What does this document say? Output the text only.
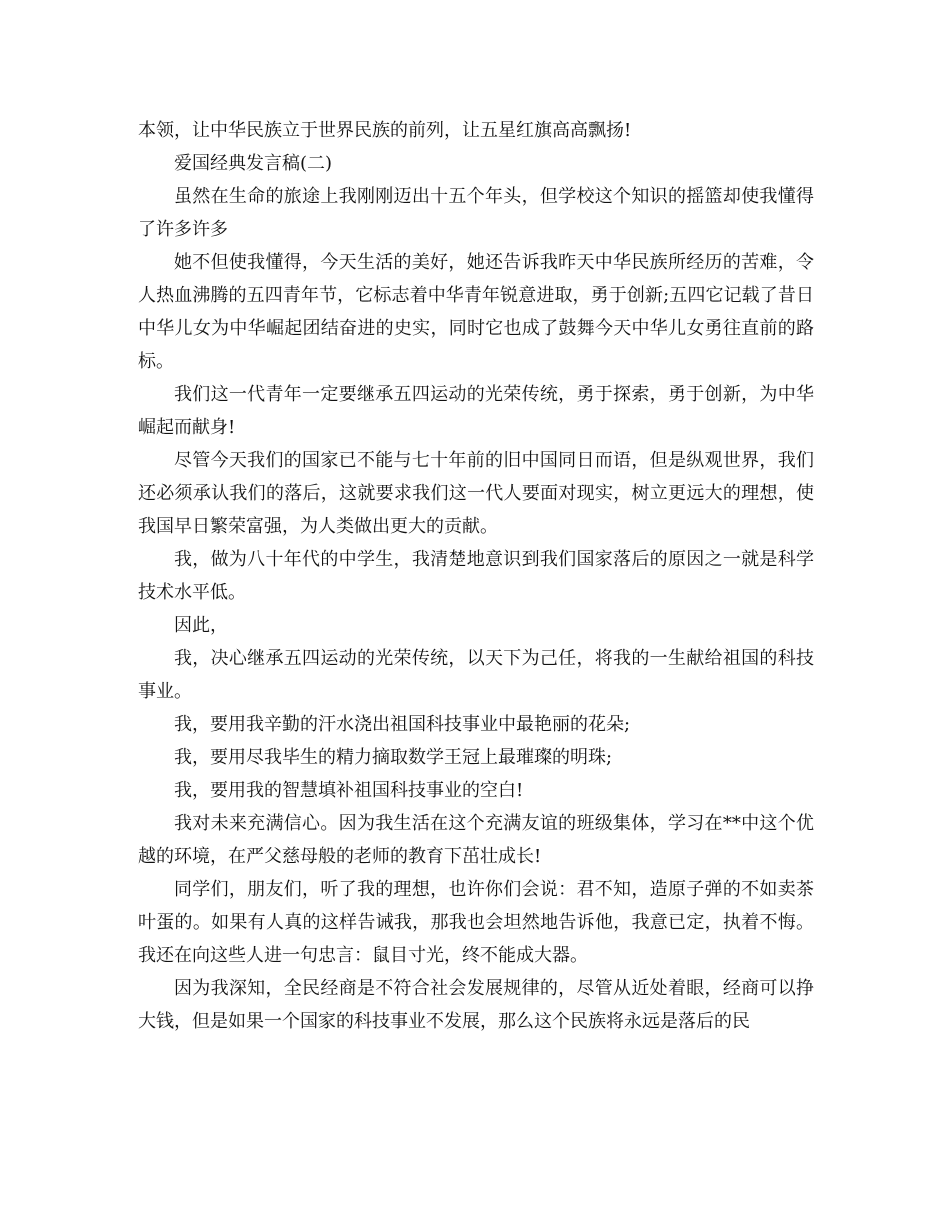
本领，让中华民族立于世界民族的前列，让五星红旗高高飘扬!

爱国经典发言稿(二)

虽然在生命的旅途上我刚刚迈出十五个年头，但学校这个知识的摇篮却使我懂得了许多许多

她不但使我懂得，今天生活的美好，她还告诉我昨天中华民族所经历的苦难，令人热血沸腾的五四青年节，它标志着中华青年锐意进取，勇于创新;五四它记载了昔日中华儿女为中华崛起团结奋进的史实，同时它也成了鼓舞今天中华儿女勇往直前的路标。

我们这一代青年一定要继承五四运动的光荣传统，勇于探索，勇于创新，为中华崛起而献身!

尽管今天我们的国家已不能与七十年前的旧中国同日而语，但是纵观世界，我们还必须承认我们的落后，这就要求我们这一代人要面对现实，树立更远大的理想，使我国早日繁荣富强，为人类做出更大的贡献。

我，做为八十年代的中学生，我清楚地意识到我们国家落后的原因之一就是科学技术水平低。

因此，

我，决心继承五四运动的光荣传统，以天下为己任，将我的一生献给祖国的科技事业。

我，要用我辛勤的汗水浇出祖国科技事业中最艳丽的花朵;

我，要用尽我毕生的精力摘取数学王冠上最璀璨的明珠;

我，要用我的智慧填补祖国科技事业的空白!

我对未来充满信心。因为我生活在这个充满友谊的班级集体，学习在**中这个优越的环境，在严父慈母般的老师的教育下茁壮成长!

同学们，朋友们，听了我的理想，也许你们会说：君不知，造原子弹的不如卖茶叶蛋的。如果有人真的这样告诫我，那我也会坦然地告诉他，我意已定，执着不悔。我还在向这些人进一句忠言：鼠目寸光，终不能成大器。

因为我深知，全民经商是不符合社会发展规律的，尽管从近处着眼，经商可以挣大钱，但是如果一个国家的科技事业不发展，那么这个民族将永远是落后的民
